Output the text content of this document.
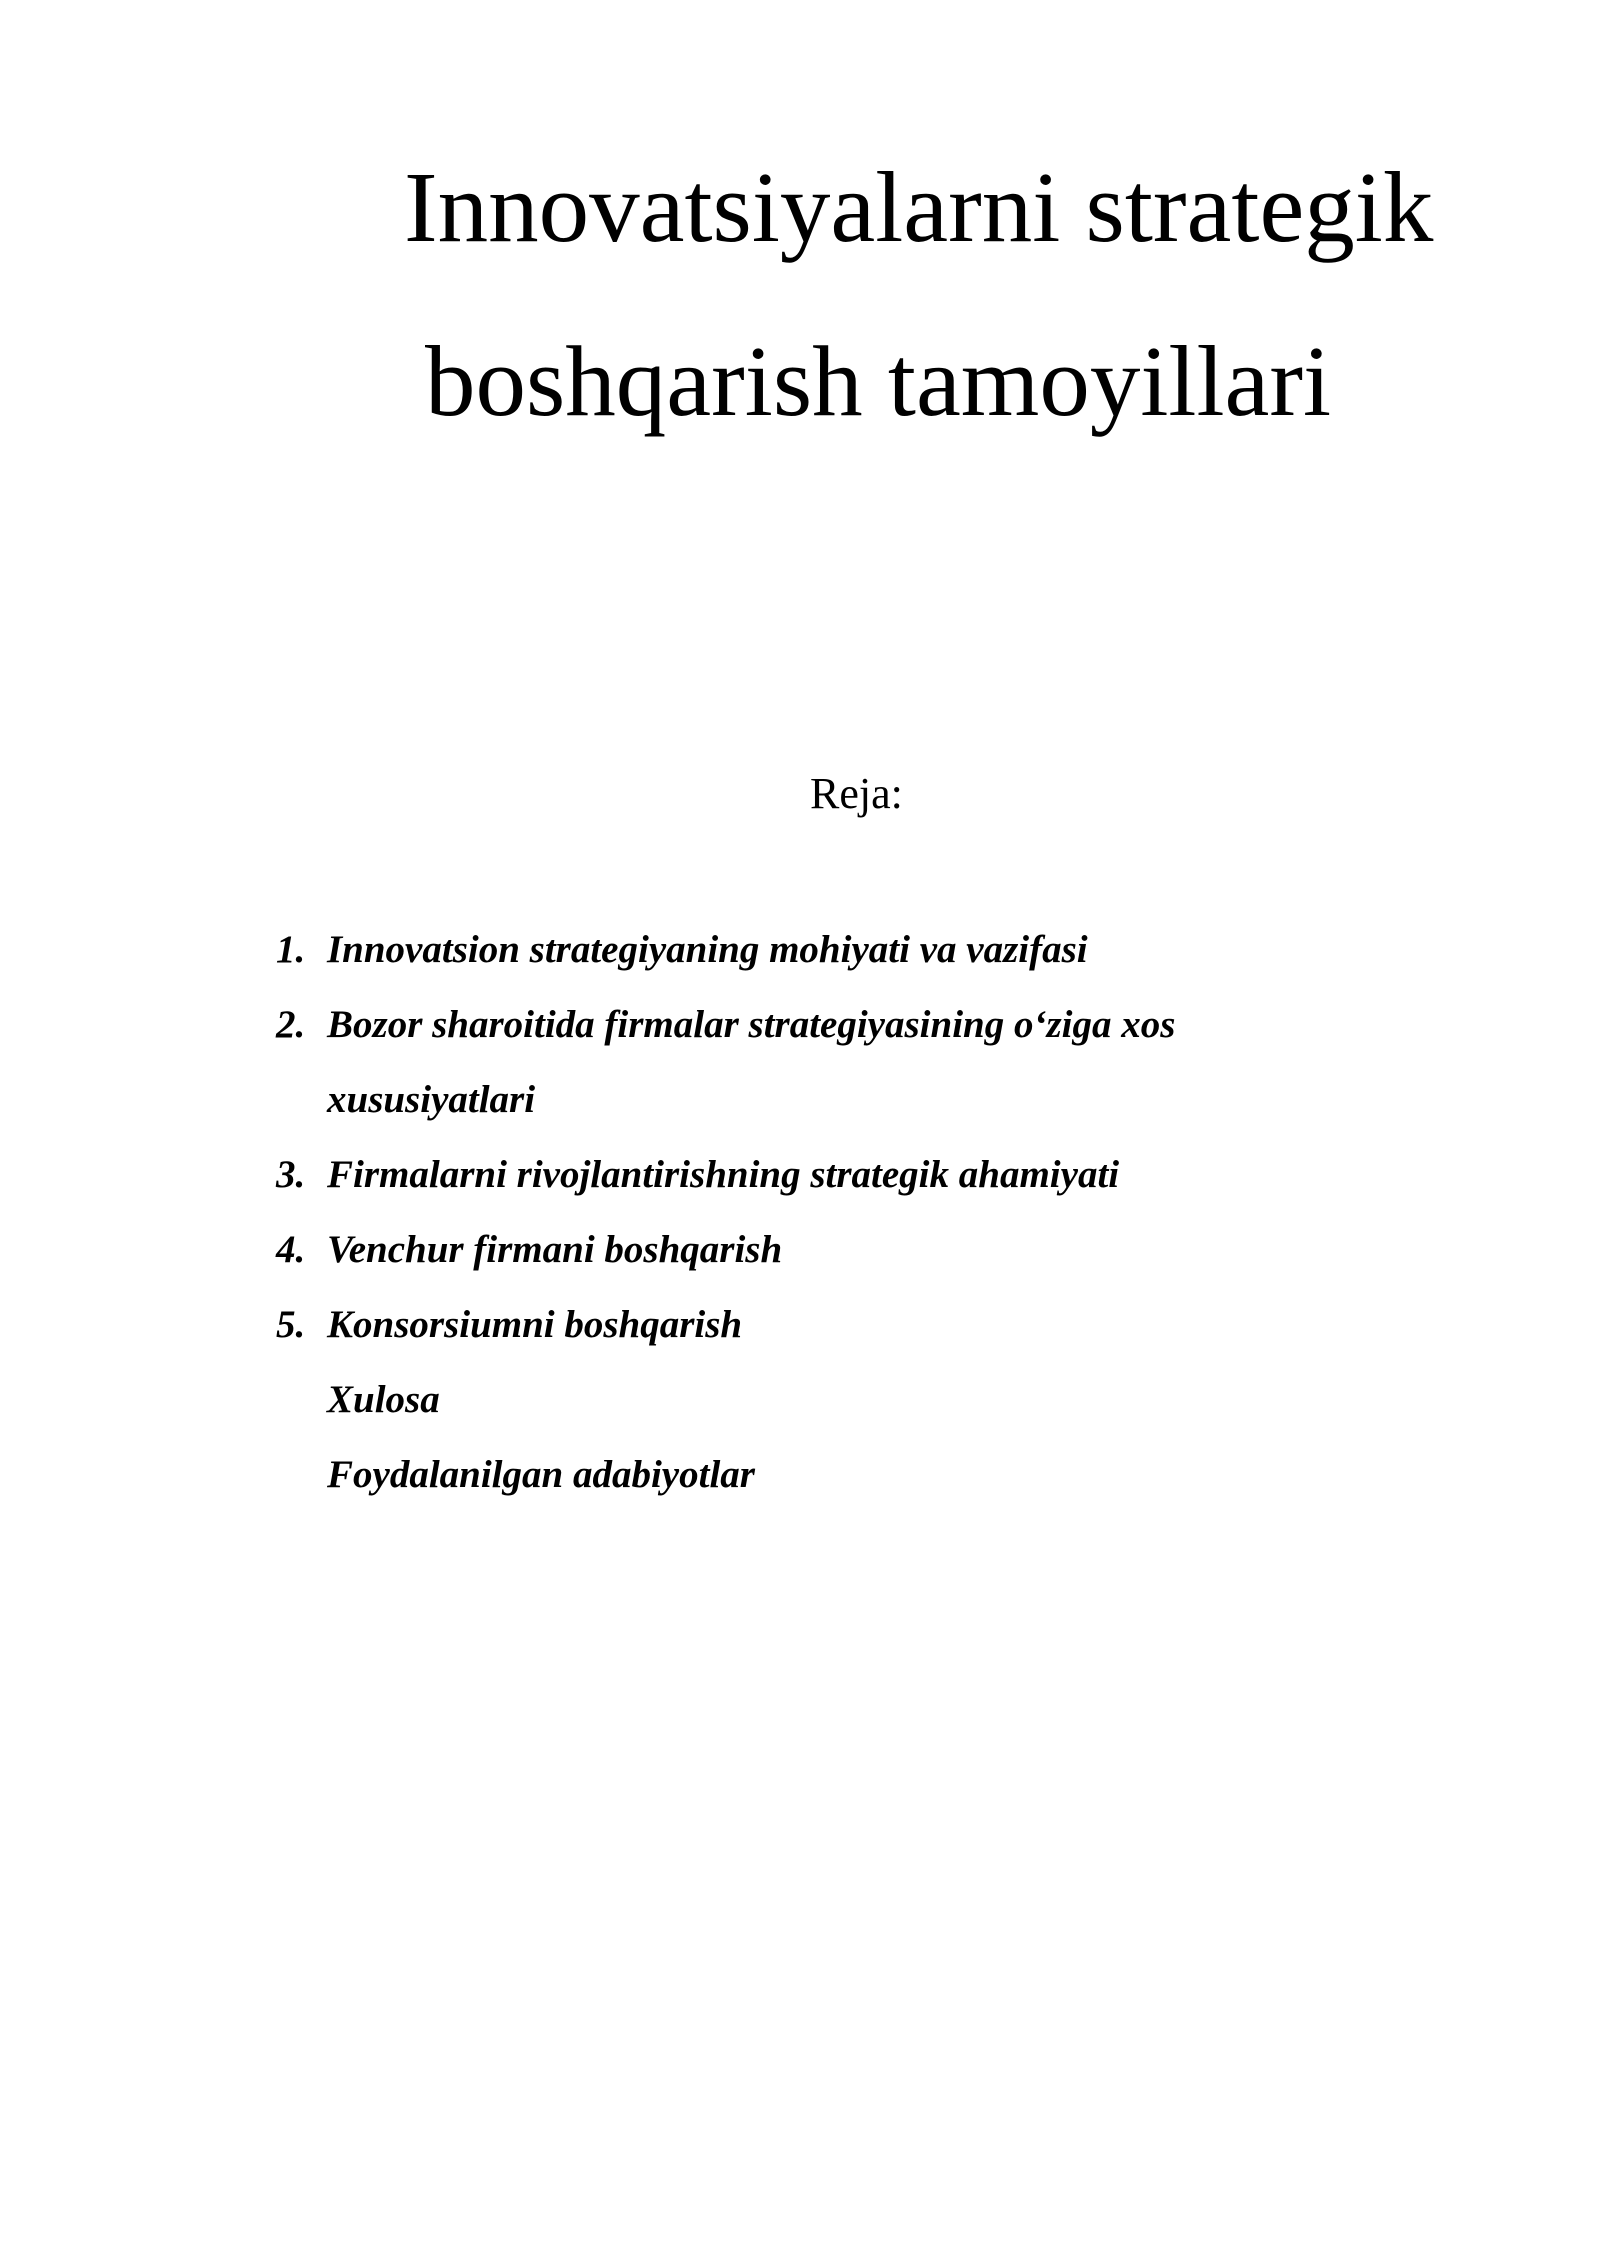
Innovatsiyalarni strategik
boshqarish tamoyillari
Reja:
1. Innovatsion strategiyaning mohiyati va vazifasi
2. Bozor sharoitida firmalar strategiyasining o‘ziga xos
xususiyatlari
3. Firmalarni rivojlantirishning strategik ahamiyati
4. Venchur firmani boshqarish
5. Konsorsiumni boshqarish
Xulosa
Foydalanilgan adabiyotlar
